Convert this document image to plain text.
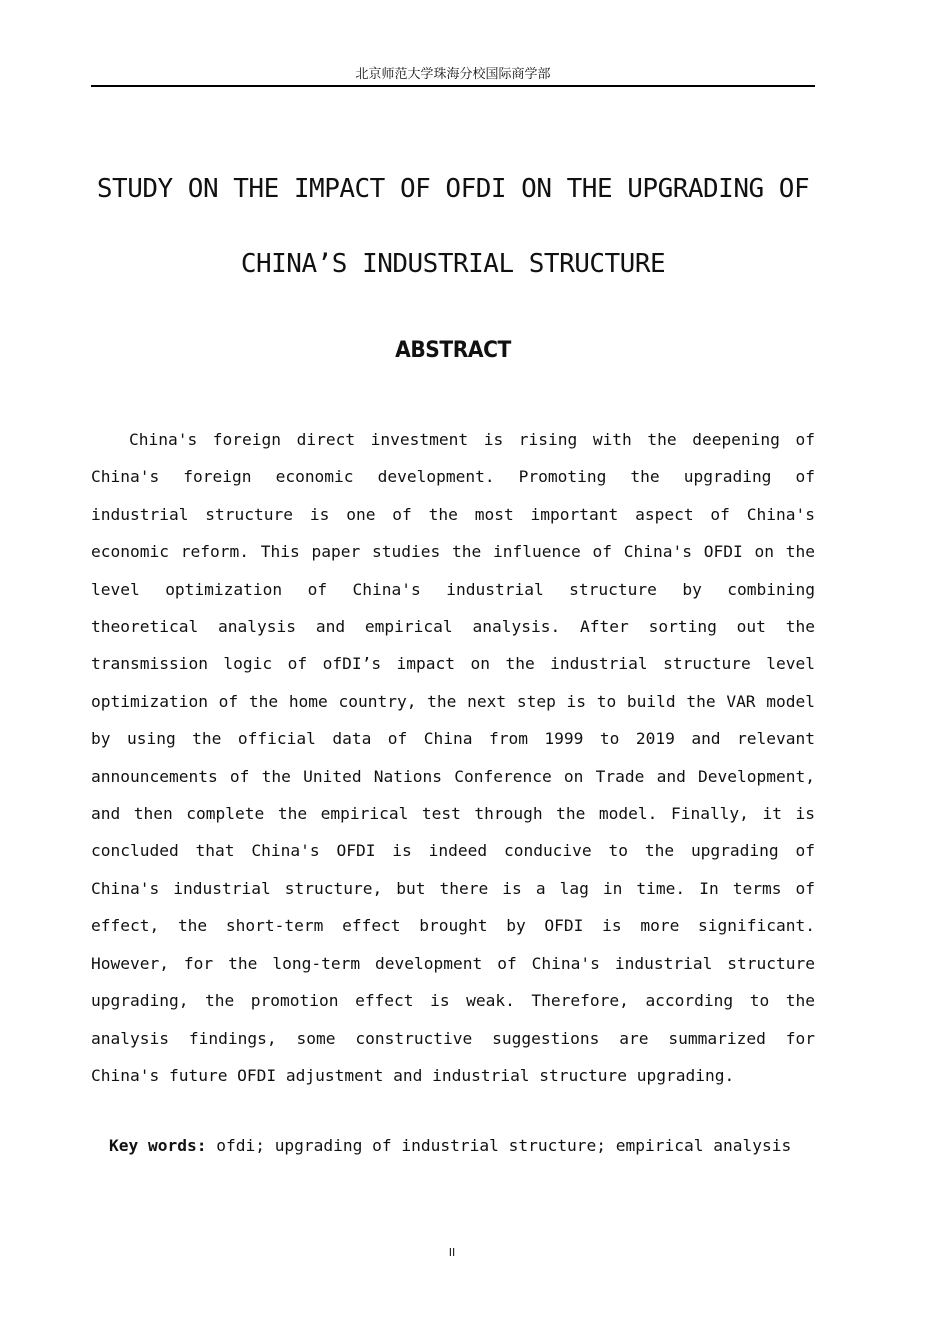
北京师范大学珠海分校国际商学部
STUDY ON THE IMPACT OF OFDI ON THE UPGRADING OF
CHINA’S INDUSTRIAL STRUCTURE
ABSTRACT

China's foreign direct investment is rising with the deepening of China's foreign economic development. Promoting the upgrading of industrial structure is one of the most important aspect of China's economic reform. This paper studies the influence of China's OFDI on the level optimization of China's industrial structure by combining theoretical analysis and empirical analysis. After sorting out the transmission logic of ofDI’s impact on the industrial structure level optimization of the home country, the next step is to build the VAR model by using the official data of China from 1999 to 2019 and relevant announcements of the United Nations Conference on Trade and Development, and then complete the empirical test through the model. Finally, it is concluded that China's OFDI is indeed conducive to the upgrading of China's industrial structure, but there is a lag in time. In terms of effect, the short-term effect brought by OFDI is more significant. However, for the long-term development of China's industrial structure upgrading, the promotion effect is weak. Therefore, according to the analysis findings, some constructive suggestions are summarized for China's future OFDI adjustment and industrial structure upgrading.

Key words: ofdi; upgrading of industrial structure; empirical analysis

II
